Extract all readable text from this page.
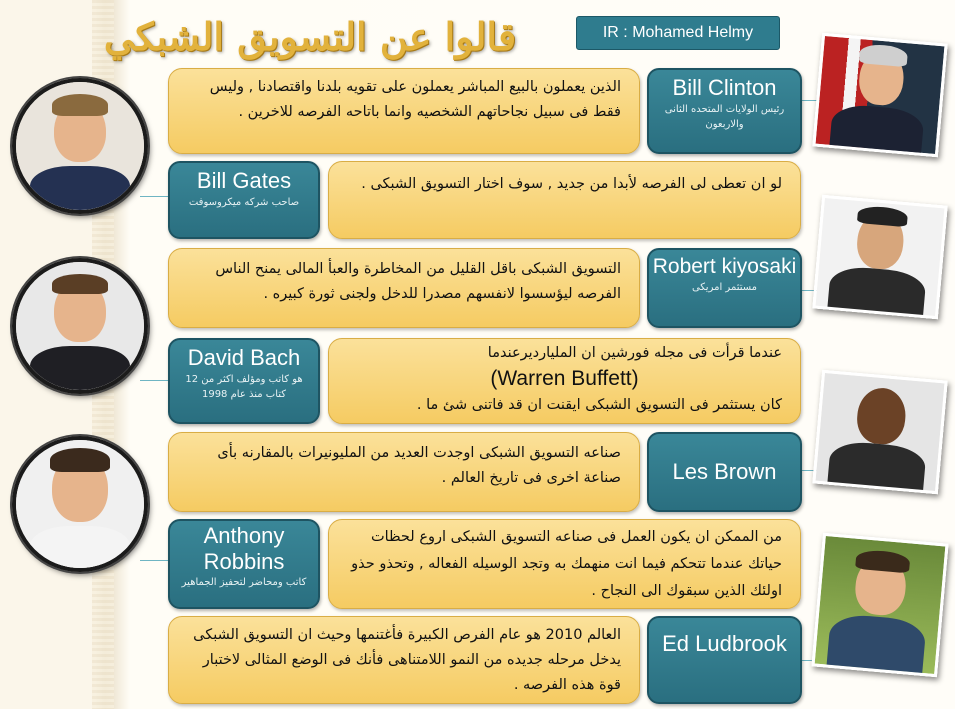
قالوا عن التسويق الشبكي	IR : Mohamed Helmy
الذين يعملون بالبيع المباشر يعملون على تقويه بلدنا واقتصادنا , وليس فقط فى سبيل نجاحاتهم الشخصيه وانما باتاحه الفرصه للاخرين .
Bill Clinton
رئيس الولايات المتحده الثانى والاربعون
Bill Gates
صاحب شركه ميكروسوفت
لو ان تعطى لى الفرصه لأبدا من جديد , سوف اختار التسويق الشبكى .
التسويق الشبكى باقل القليل من المخاطرة والعبأ المالى يمنح الناس الفرصه ليؤسسوا لانفسهم مصدرا للدخل ولجنى ثورة كبيره .
Robert kiyosaki
مستثمر امريكى
David Bach
هو كاتب ومؤلف اكثر من 12 كتاب منذ عام 1998
عندما قرأت فى مجله فورشين ان المليارديرعندما
(Warren Buffett)
كان يستثمر فى التسويق الشبكى ايقنت ان قد فاتنى شئ ما .
صناعه التسويق الشبكى اوجدت العديد من المليونيرات بالمقارنه بأى صناعة اخرى فى تاريخ العالم .	Les Brown
Anthony Robbins
كاتب ومحاضر لتحفيز الجماهير
من الممكن ان يكون العمل فى صناعه التسويق الشبكى اروع لحظات حياتك عندما تتحكم فيما انت منهمك به وتجد الوسيله الفعاله , وتحذو حذو اولئك الذين سبقوك الى النجاح .
العالم 2010 هو عام الفرص الكبيرة فأغتنمها وحيث ان التسويق الشبكى يدخل مرحله جديده من النمو اللامتناهى فأنك فى الوضع المثالى لاختبار قوة هذه الفرصه .
Ed Ludbrook
